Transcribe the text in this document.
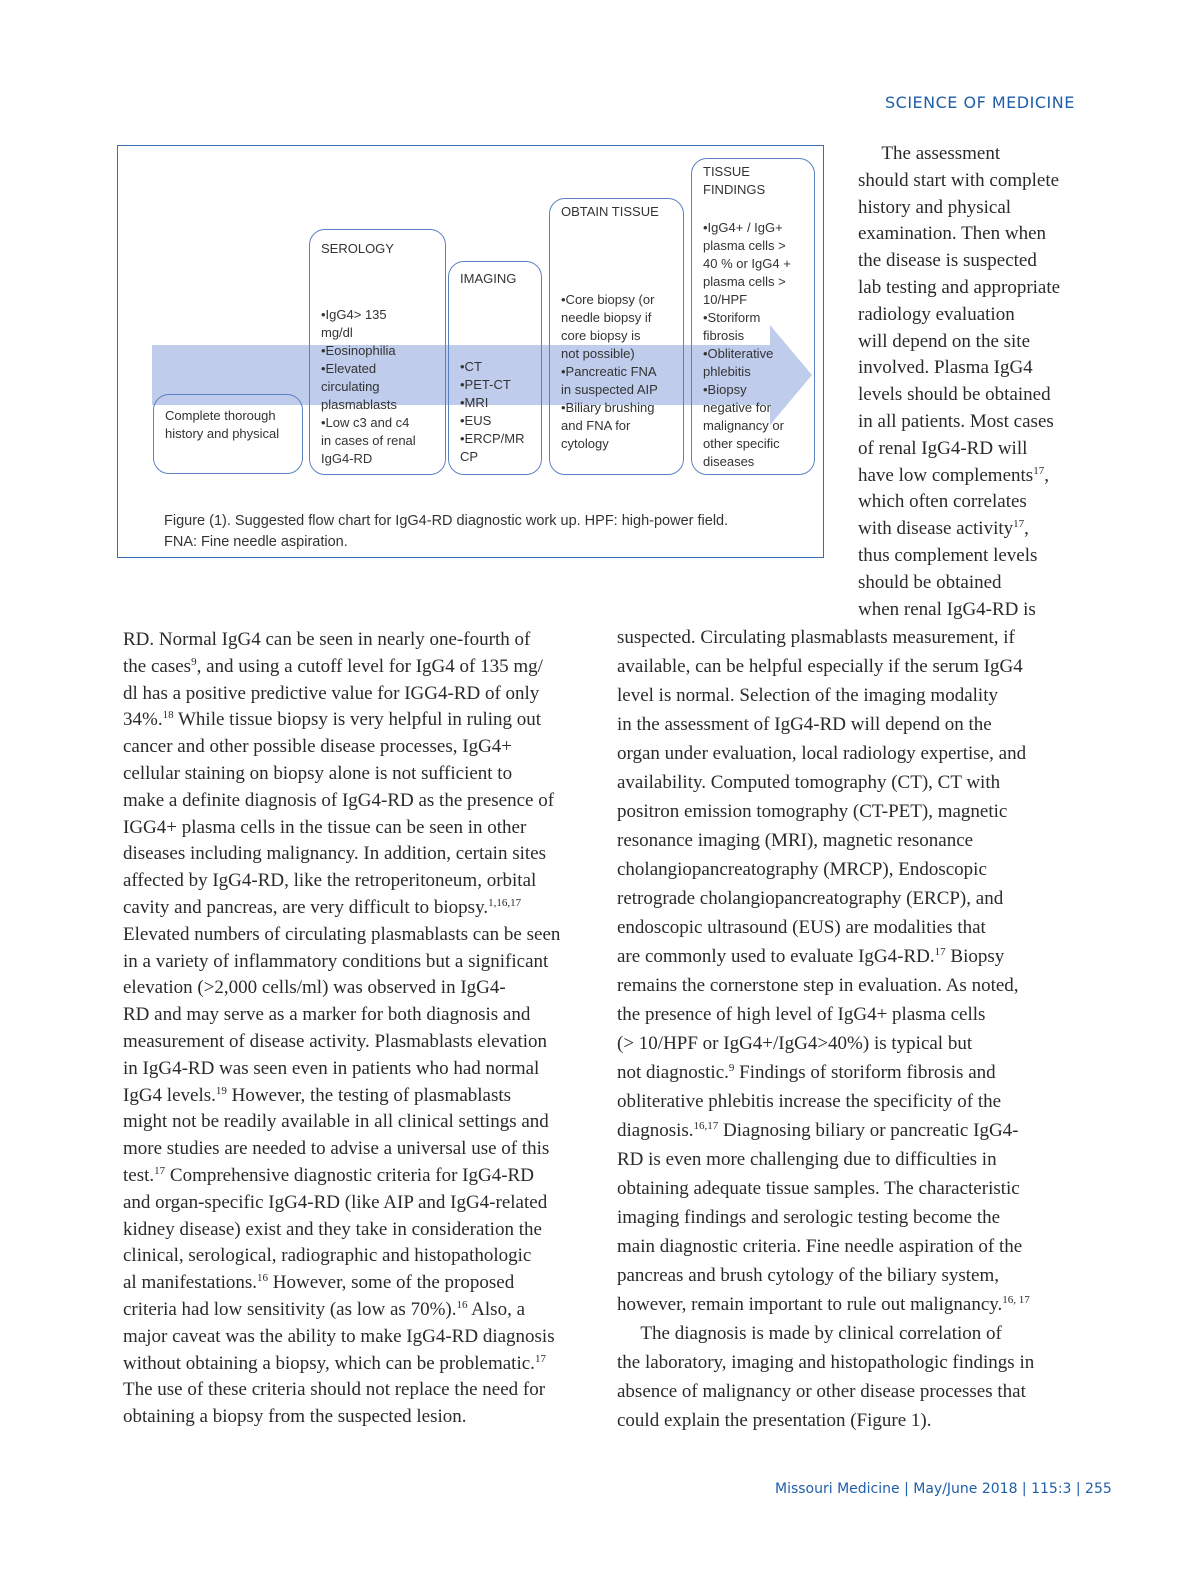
SCIENCE OF MEDICINE
Complete thorough
history and physical
SEROLOGY
•IgG4> 135
mg/dl
•Eosinophilia
•Elevated
circulating
plasmablasts
•Low c3 and c4
in cases of renal
IgG4-RD
IMAGING
•CT
•PET-CT
•MRI
•EUS
•ERCP/MR
CP
OBTAIN TISSUE
•Core biopsy (or
needle biopsy if
core biopsy is
not possible)
•Pancreatic FNA
in suspected AIP
•Biliary brushing
and FNA for
cytology
TISSUE
FINDINGS
•IgG4+ / IgG+
plasma cells >
40 % or IgG4 +
plasma cells >
10/HPF
•Storiform
fibrosis
•Obliterative
phlebitis
•Biopsy
negative for
malignancy or
other specific
diseases
Figure (1). Suggested flow chart for IgG4-RD diagnostic work up. HPF: high-power field.
FNA: Fine needle aspiration.
The assessment
should start with complete
history and physical
examination. Then when
the disease is suspected
lab testing and appropriate
radiology evaluation
will depend on the site
involved. Plasma IgG4
levels should be obtained
in all patients. Most cases
of renal IgG4-RD will
have low complements$^{17}$,
which often correlates
with disease activity$^{17}$,
thus complement levels
should be obtained
when renal IgG4-RD is
RD. Normal IgG4 can be seen in nearly one-fourth of
the cases$^9$, and using a cutoff level for IgG4 of 135 mg/
dl has a positive predictive value for IGG4-RD of only
34%.$^{18}$ While tissue biopsy is very helpful in ruling out
cancer and other possible disease processes, IgG4+
cellular staining on biopsy alone is not sufficient to
make a definite diagnosis of IgG4-RD as the presence of
IGG4+ plasma cells in the tissue can be seen in other
diseases including malignancy. In addition, certain sites
affected by IgG4-RD, like the retroperitoneum, orbital
cavity and pancreas, are very difficult to biopsy.$^{1,16,17}$
Elevated numbers of circulating plasmablasts can be seen
in a variety of inflammatory conditions but a significant
elevation (>2,000 cells/ml) was observed in IgG4-
RD and may serve as a marker for both diagnosis and
measurement of disease activity. Plasmablasts elevation
in IgG4-RD was seen even in patients who had normal
IgG4 levels.$^{19}$ However, the testing of plasmablasts
might not be readily available in all clinical settings and
more studies are needed to advise a universal use of this
test.$^{17}$ Comprehensive diagnostic criteria for IgG4-RD
and organ-specific IgG4-RD (like AIP and IgG4-related
kidney disease) exist and they take in consideration the
clinical, serological, radiographic and histopathologic
al manifestations.$^{16}$ However, some of the proposed
criteria had low sensitivity (as low as 70%).$^{16}$ Also, a
major caveat was the ability to make IgG4-RD diagnosis
without obtaining a biopsy, which can be problematic.$^{17}$
The use of these criteria should not replace the need for
obtaining a biopsy from the suspected lesion.
suspected. Circulating plasmablasts measurement, if
available, can be helpful especially if the serum IgG4
level is normal. Selection of the imaging modality
in the assessment of IgG4-RD will depend on the
organ under evaluation, local radiology expertise, and
availability. Computed tomography (CT), CT with
positron emission tomography (CT-PET), magnetic
resonance imaging (MRI), magnetic resonance
cholangiopancreatography (MRCP), Endoscopic
retrograde cholangiopancreatography (ERCP), and
endoscopic ultrasound (EUS) are modalities that
are commonly used to evaluate IgG4-RD.$^{17}$ Biopsy
remains the cornerstone step in evaluation. As noted,
the presence of high level of IgG4+ plasma cells
(> 10/HPF or IgG4+/IgG4>40%) is typical but
not diagnostic.$^9$ Findings of storiform fibrosis and
obliterative phlebitis increase the specificity of the
diagnosis.$^{16,17}$ Diagnosing biliary or pancreatic IgG4-
RD is even more challenging due to difficulties in
obtaining adequate tissue samples. The characteristic
imaging findings and serologic testing become the
main diagnostic criteria. Fine needle aspiration of the
pancreas and brush cytology of the biliary system,
however, remain important to rule out malignancy.$^{16, 17}$
The diagnosis is made by clinical correlation of
the laboratory, imaging and histopathologic findings in
absence of malignancy or other disease processes that
could explain the presentation (Figure 1).
Missouri Medicine | May/June 2018 | 115:3 | 255
